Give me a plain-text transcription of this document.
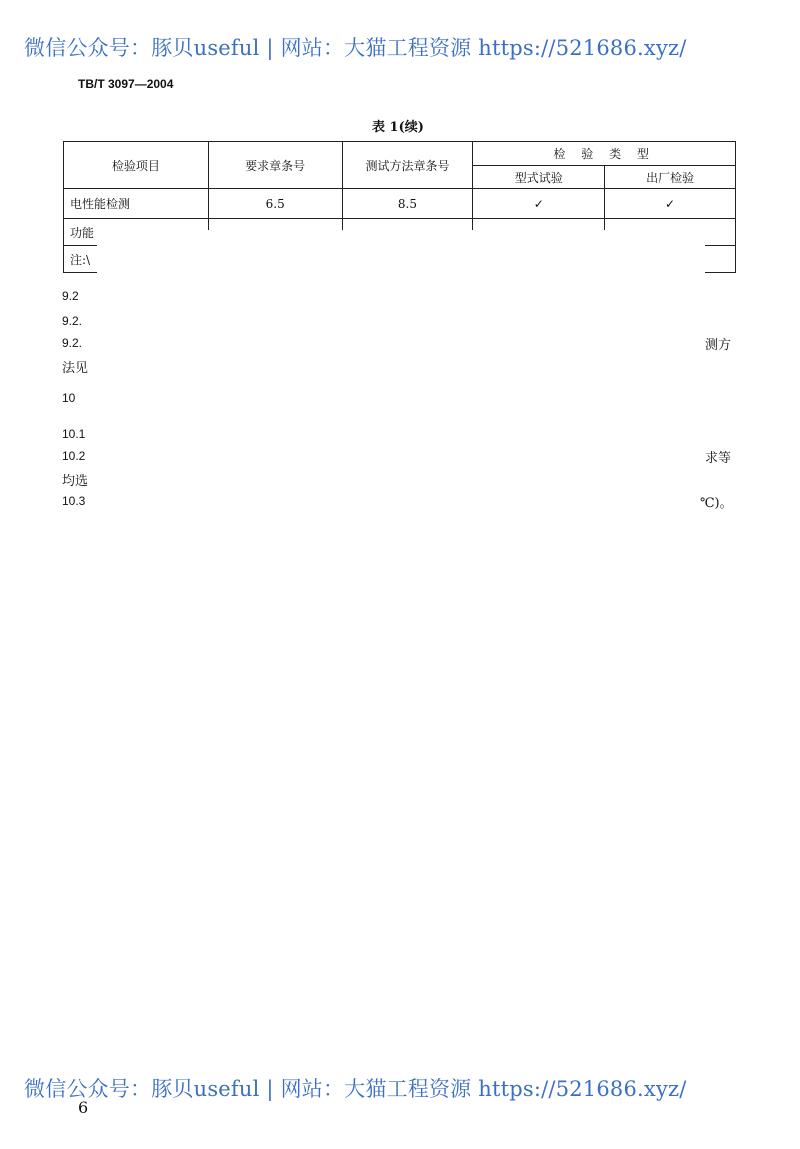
微信公众号：豚贝useful | 网站：大猫工程资源 https://521686.xyz/
TB/T 3097—2004
表 1(续)
检验项目	要求章条号	测试方法章条号	检 验 类 型
型式试验	出厂检验
电性能检测	6.5	8.5	✓	✓
功能				
注:\
9.2
9.2.
9.2.	测方
法见
10
10.1
10.2	求等
均选
10.3	℃)。
微信公众号：豚贝useful | 网站：大猫工程资源 https://521686.xyz/
6
